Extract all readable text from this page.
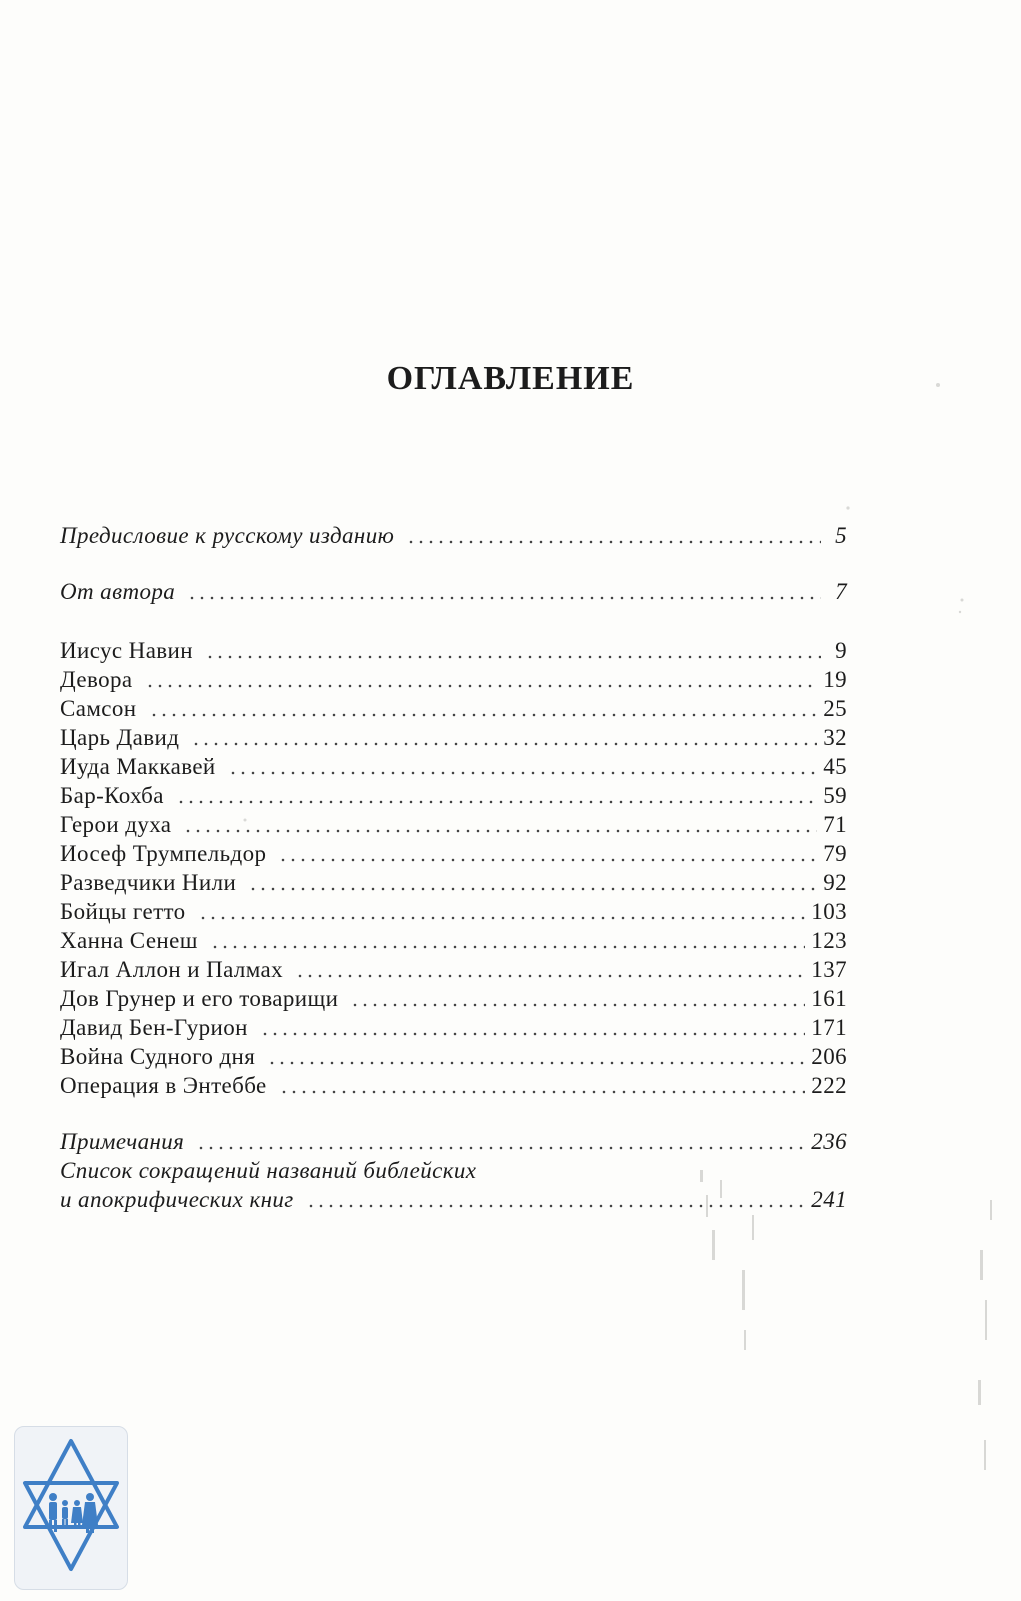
ОГЛАВЛЕНИЕ
Предисловие к русскому изданию	5
От автора	7
Иисус Навин	9
Девора	19
Самсон	25
Царь Давид	32
Иуда Маккавей	45
Бар-Кохба	59
Герои духа	71
Иосеф Трумпельдор	79
Разведчики Нили	92
Бойцы гетто	103
Ханна Сенеш	123
Игал Аллон и Палмах	137
Дов Грунер и его товарищи	161
Давид Бен-Гурион	171
Война Судного дня	206
Операция в Энтеббе	222
Примечания	236
Список сокращений названий библейских
и апокрифических книг	241
